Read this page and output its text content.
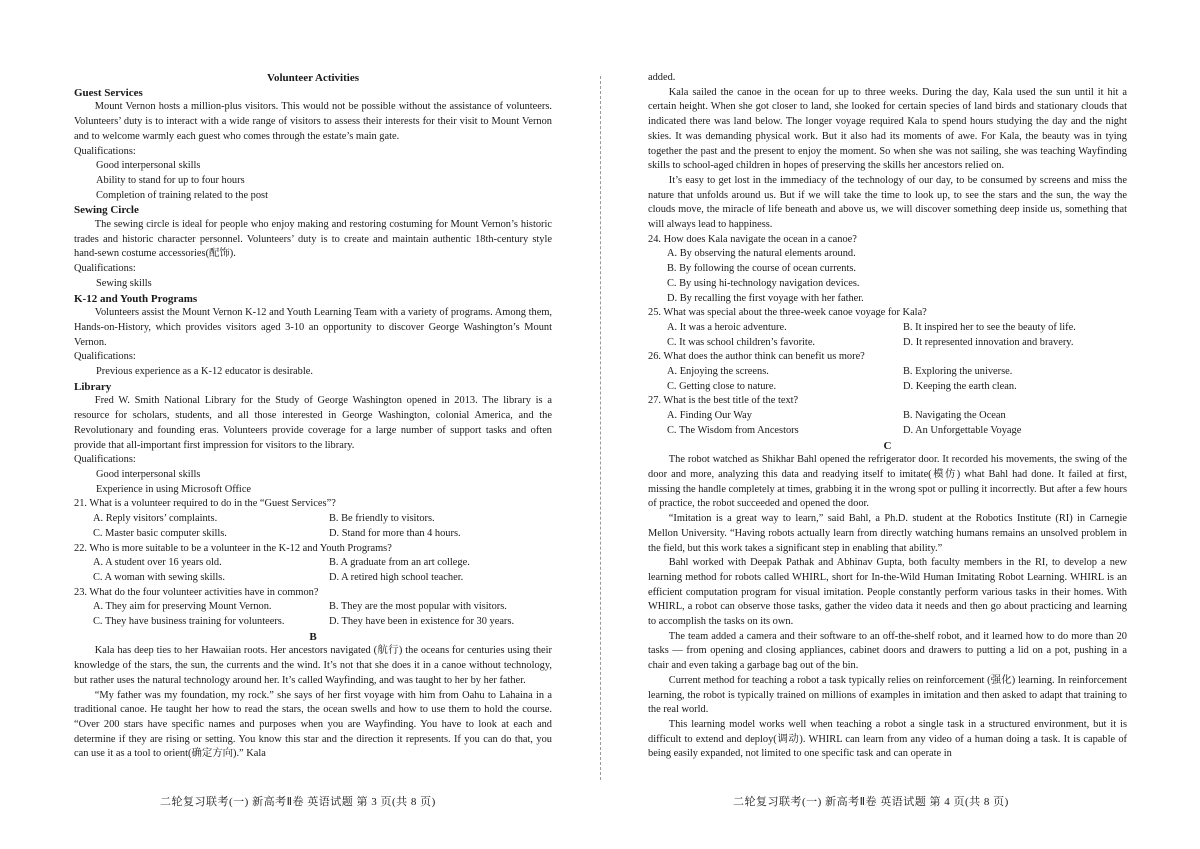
Volunteer Activities
Guest Services
Mount Vernon hosts a million-plus visitors. This would not be possible without the assistance of volunteers. Volunteers’ duty is to interact with a wide range of visitors to assess their interests for their visit to Mount Vernon and to welcome warmly each guest who comes through the estate’s main gate.
Qualifications:
Good interpersonal skills
Ability to stand for up to four hours
Completion of training related to the post
Sewing Circle
The sewing circle is ideal for people who enjoy making and restoring costuming for Mount Vernon’s historic trades and historic character personnel. Volunteers’ duty is to create and maintain authentic 18th-century style hand-sewn costume accessories(配饰).
Qualifications:
Sewing skills
K-12 and Youth Programs
Volunteers assist the Mount Vernon K-12 and Youth Learning Team with a variety of programs. Among them, Hands-on-History, which provides visitors aged 3-10 an opportunity to discover George Washington’s Mount Vernon.
Qualifications:
Previous experience as a K-12 educator is desirable.
Library
Fred W. Smith National Library for the Study of George Washington opened in 2013. The library is a resource for scholars, students, and all those interested in George Washington, colonial America, and the Revolutionary and founding eras. Volunteers provide coverage for a large number of support tasks and often provide that all-important first impression for visitors to the library.
Qualifications:
Good interpersonal skills
Experience in using Microsoft Office
21. What is a volunteer required to do in the “Guest Services”?
A. Reply visitors’ complaints.	B. Be friendly to visitors.
C. Master basic computer skills.	D. Stand for more than 4 hours.
22. Who is more suitable to be a volunteer in the K-12 and Youth Programs?
A. A student over 16 years old.	B. A graduate from an art college.
C. A woman with sewing skills.	D. A retired high school teacher.
23. What do the four volunteer activities have in common?
A. They aim for preserving Mount Vernon.	B. They are the most popular with visitors.
C. They have business training for volunteers.	D. They have been in existence for 30 years.
B
Kala has deep ties to her Hawaiian roots. Her ancestors navigated (航行) the oceans for centuries using their knowledge of the stars, the sun, the currents and the wind. It’s not that she does it in a canoe without technology, but rather uses the natural technology around her. It’s called Wayfinding, and was taught to her by her father.
“My father was my foundation, my rock.” she says of her first voyage with him from Oahu to Lahaina in a traditional canoe. He taught her how to read the stars, the ocean swells and how to use them to hold the course. “Over 200 stars have specific names and purposes when you are Wayfinding. You have to look at each and determine if they are rising or setting. You know this star and the direction it represents. If you can do that, you can use it as a tool to orient(确定方向).” Kala
added.
Kala sailed the canoe in the ocean for up to three weeks. During the day, Kala used the sun until it hit a certain height. When she got closer to land, she looked for certain species of land birds and stationary clouds that indicated there was land below. The longer voyage required Kala to spend hours studying the day and the night skies. It was demanding physical work. But it also had its moments of awe. For Kala, the beauty was in tying together the past and the present to enjoy the moment. So when she was not sailing, she was teaching Wayfinding skills to school-aged children in hopes of preserving the skills her ancestors relied on.
It’s easy to get lost in the immediacy of the technology of our day, to be consumed by screens and miss the nature that unfolds around us. But if we will take the time to look up, to see the stars and the sun, the way the clouds move, the miracle of life beneath and above us, we will discover something deep inside us, something that will always lead to happiness.
24. How does Kala navigate the ocean in a canoe?
A. By observing the natural elements around.
B. By following the course of ocean currents.
C. By using hi-technology navigation devices.
D. By recalling the first voyage with her father.
25. What was special about the three-week canoe voyage for Kala?
A. It was a heroic adventure.	B. It inspired her to see the beauty of life.
C. It was school children’s favorite.	D. It represented innovation and bravery.
26. What does the author think can benefit us more?
A. Enjoying the screens.	B. Exploring the universe.
C. Getting close to nature.	D. Keeping the earth clean.
27. What is the best title of the text?
A. Finding Our Way	B. Navigating the Ocean
C. The Wisdom from Ancestors	D. An Unforgettable Voyage
C
The robot watched as Shikhar Bahl opened the refrigerator door. It recorded his movements, the swing of the door and more, analyzing this data and readying itself to imitate(模仿) what Bahl had done. It failed at first, missing the handle completely at times, grabbing it in the wrong spot or pulling it incorrectly. But after a few hours of practice, the robot succeeded and opened the door.
“Imitation is a great way to learn,” said Bahl, a Ph.D. student at the Robotics Institute (RI) in Carnegie Mellon University. “Having robots actually learn from directly watching humans remains an unsolved problem in the field, but this work takes a significant step in enabling that ability.”
Bahl worked with Deepak Pathak and Abhinav Gupta, both faculty members in the RI, to develop a new learning method for robots called WHIRL, short for In-the-Wild Human Imitating Robot Learning. WHIRL is an efficient computation program for visual imitation. People constantly perform various tasks in their homes. With WHIRL, a robot can observe those tasks, gather the video data it needs and then go about practicing and learning to accomplish the tasks on its own.
The team added a camera and their software to an off-the-shelf robot, and it learned how to do more than 20 tasks — from opening and closing appliances, cabinet doors and drawers to putting a lid on a pot, pushing in a chair and even taking a garbage bag out of the bin.
Current method for teaching a robot a task typically relies on reinforcement (强化) learning. In reinforcement learning, the robot is typically trained on millions of examples in imitation and then asked to adapt that training to the real world.
This learning model works well when teaching a robot a single task in a structured environment, but it is difficult to extend and deploy(调动). WHIRL can learn from any video of a human doing a task. It is capable of being easily expanded, not limited to one specific task and can operate in
二轮复习联考(一) 新高考Ⅱ卷 英语试题 第 3 页(共 8 页)	二轮复习联考(一) 新高考Ⅱ卷 英语试题 第 4 页(共 8 页)
